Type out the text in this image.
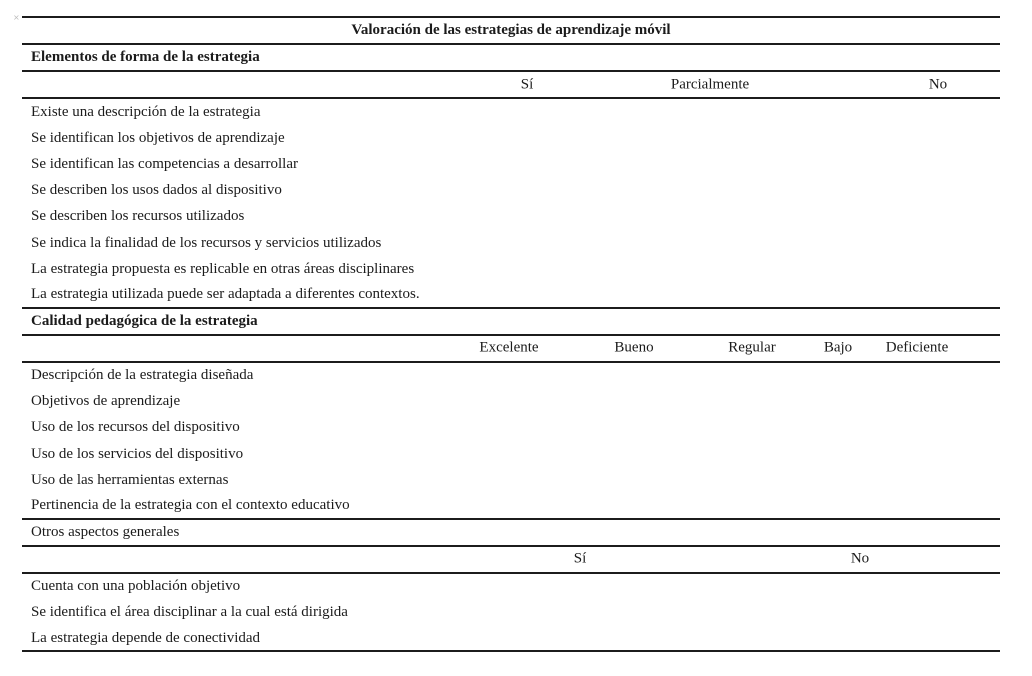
×
Valoración de las estrategias de aprendizaje móvil
Elementos de forma de la estrategia
Sí	Parcialmente	No
Existe una descripción de la estrategia
Se identifican los objetivos de aprendizaje
Se identifican las competencias a desarrollar
Se describen los usos dados al dispositivo
Se describen los recursos utilizados
Se indica la finalidad de los recursos y servicios utilizados
La estrategia propuesta es replicable en otras áreas disciplinares
La estrategia utilizada puede ser adaptada a diferentes contextos.
Calidad pedagógica de la estrategia
Excelente	Bueno	Regular	Bajo Deficiente
Descripción de la estrategia diseñada
Objetivos de aprendizaje
Uso de los recursos del dispositivo
Uso de los servicios del dispositivo
Uso de las herramientas externas
Pertinencia de la estrategia con el contexto educativo
Otros aspectos generales
Sí	No
Cuenta con una población objetivo
Se identifica el área disciplinar a la cual está dirigida
La estrategia depende de conectividad
